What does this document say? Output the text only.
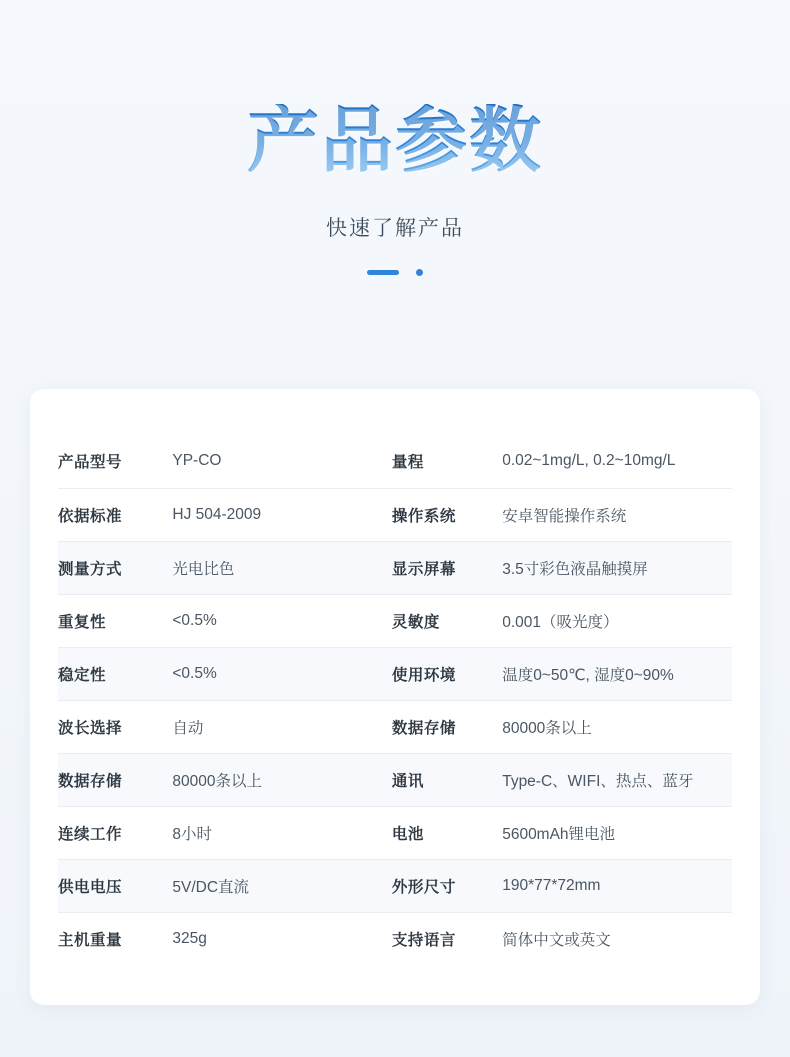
产品参数
快速了解产品
产品型号	YP-CO	量程	0.02~1mg/L, 0.2~10mg/L
依据标准	HJ 504-2009	操作系统	安卓智能操作系统
测量方式	光电比色	显示屏幕	3.5寸彩色液晶触摸屏
重复性	<0.5%	灵敏度	0.001（吸光度）
稳定性	<0.5%	使用环境	温度0~50℃, 湿度0~90%
波长选择	自动	数据存储	80000条以上
数据存储	80000条以上	通讯	Type-C、WIFI、热点、蓝牙
连续工作	8小时	电池	5600mAh锂电池
供电电压	5V/DC直流	外形尺寸	190*77*72mm
主机重量	325g	支持语言	简体中文或英文
